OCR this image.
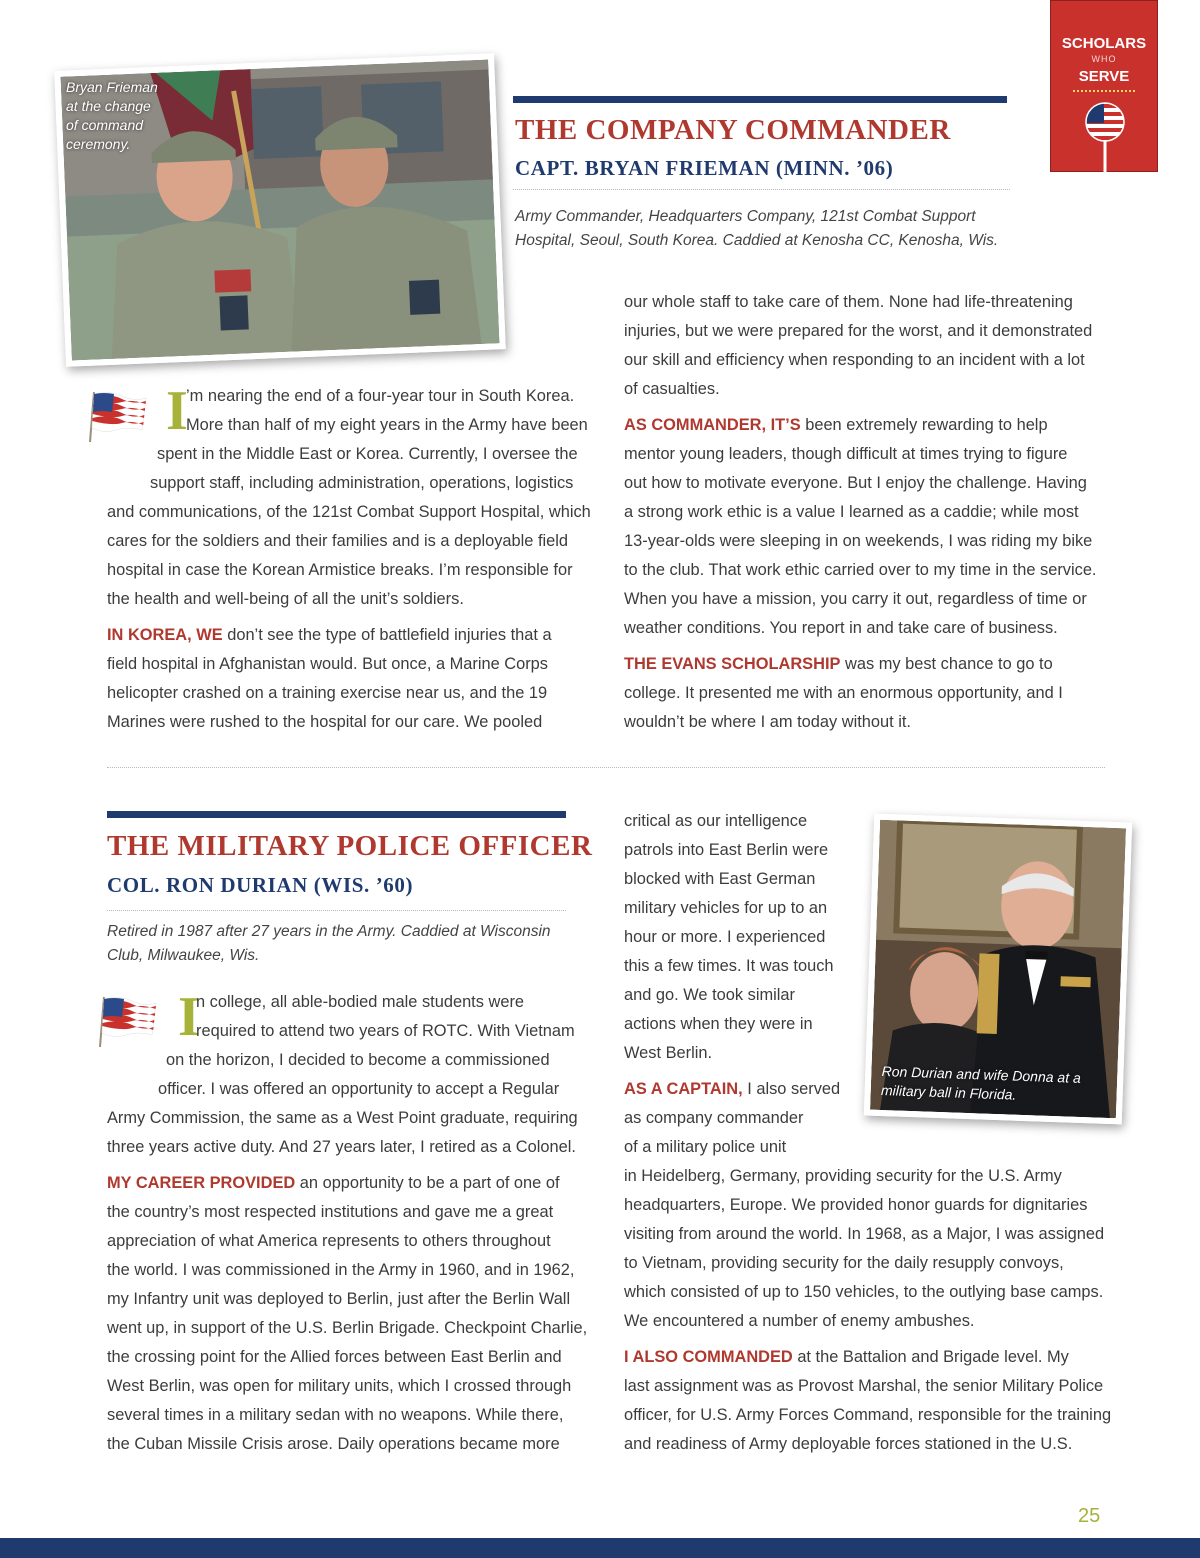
SCHOLARS
WHO
SERVE
Bryan Frieman
at the change
of command
ceremony.	THE COMPANY COMMANDER
CAPT. BRYAN FRIEMAN (MINN. ’06)
Army Commander, Headquarters Company, 121st Combat Support
Hospital, Seoul, South Korea. Caddied at Kenosha CC, Kenosha, Wis.
I
’m nearing the end of a four-year tour in South Korea.
More than half of my eight years in the Army have been
spent in the Middle East or Korea. Currently, I oversee the
support staff, including administration, operations, logistics
and communications, of the 121st Combat Support Hospital, which
cares for the soldiers and their families and is a deployable field
hospital in case the Korean Armistice breaks. I’m responsible for
the health and well-being of all the unit’s soldiers.
IN KOREA, WE don’t see the type of battlefield injuries that a
field hospital in Afghanistan would. But once, a Marine Corps
helicopter crashed on a training exercise near us, and the 19
Marines were rushed to the hospital for our care. We pooled
our whole staff to take care of them. None had life-threatening
injuries, but we were prepared for the worst, and it demonstrated
our skill and efficiency when responding to an incident with a lot
of casualties.
AS COMMANDER, IT’S been extremely rewarding to help
mentor young leaders, though difficult at times trying to figure
out how to motivate everyone. But I enjoy the challenge. Having
a strong work ethic is a value I learned as a caddie; while most
13-year-olds were sleeping in on weekends, I was riding my bike
to the club. That work ethic carried over to my time in the service.
When you have a mission, you carry it out, regardless of time or
weather conditions. You report in and take care of business.
THE EVANS SCHOLARSHIP was my best chance to go to
college. It presented me with an enormous opportunity, and I
wouldn’t be where I am today without it.
THE MILITARY POLICE OFFICER
COL. RON DURIAN (WIS. ’60)
Retired in 1987 after 27 years in the Army. Caddied at Wisconsin
Club, Milwaukee, Wis.
Ron Durian and wife Donna at a
military ball in Florida.
I
n college, all able-bodied male students were
required to attend two years of ROTC. With Vietnam
on the horizon, I decided to become a commissioned
officer. I was offered an opportunity to accept a Regular
Army Commission, the same as a West Point graduate, requiring
three years active duty. And 27 years later, I retired as a Colonel.
MY CAREER PROVIDED an opportunity to be a part of one of
the country’s most respected institutions and gave me a great
appreciation of what America represents to others throughout
the world. I was commissioned in the Army in 1960, and in 1962,
my Infantry unit was deployed to Berlin, just after the Berlin Wall
went up, in support of the U.S. Berlin Brigade. Checkpoint Charlie,
the crossing point for the Allied forces between East Berlin and
West Berlin, was open for military units, which I crossed through
several times in a military sedan with no weapons. While there,
the Cuban Missile Crisis arose. Daily operations became more
critical as our intelligence
patrols into East Berlin were
blocked with East German
military vehicles for up to an
hour or more. I experienced
this a few times. It was touch
and go. We took similar
actions when they were in
West Berlin.
AS A CAPTAIN, I also served
as company commander
of a military police unit
in Heidelberg, Germany, providing security for the U.S. Army
headquarters, Europe. We provided honor guards for dignitaries
visiting from around the world. In 1968, as a Major, I was assigned
to Vietnam, providing security for the daily resupply convoys,
which consisted of up to 150 vehicles, to the outlying base camps.
We encountered a number of enemy ambushes.
I ALSO COMMANDED at the Battalion and Brigade level. My
last assignment was as Provost Marshal, the senior Military Police
officer, for U.S. Army Forces Command, responsible for the training
and readiness of Army deployable forces stationed in the U.S.
25
